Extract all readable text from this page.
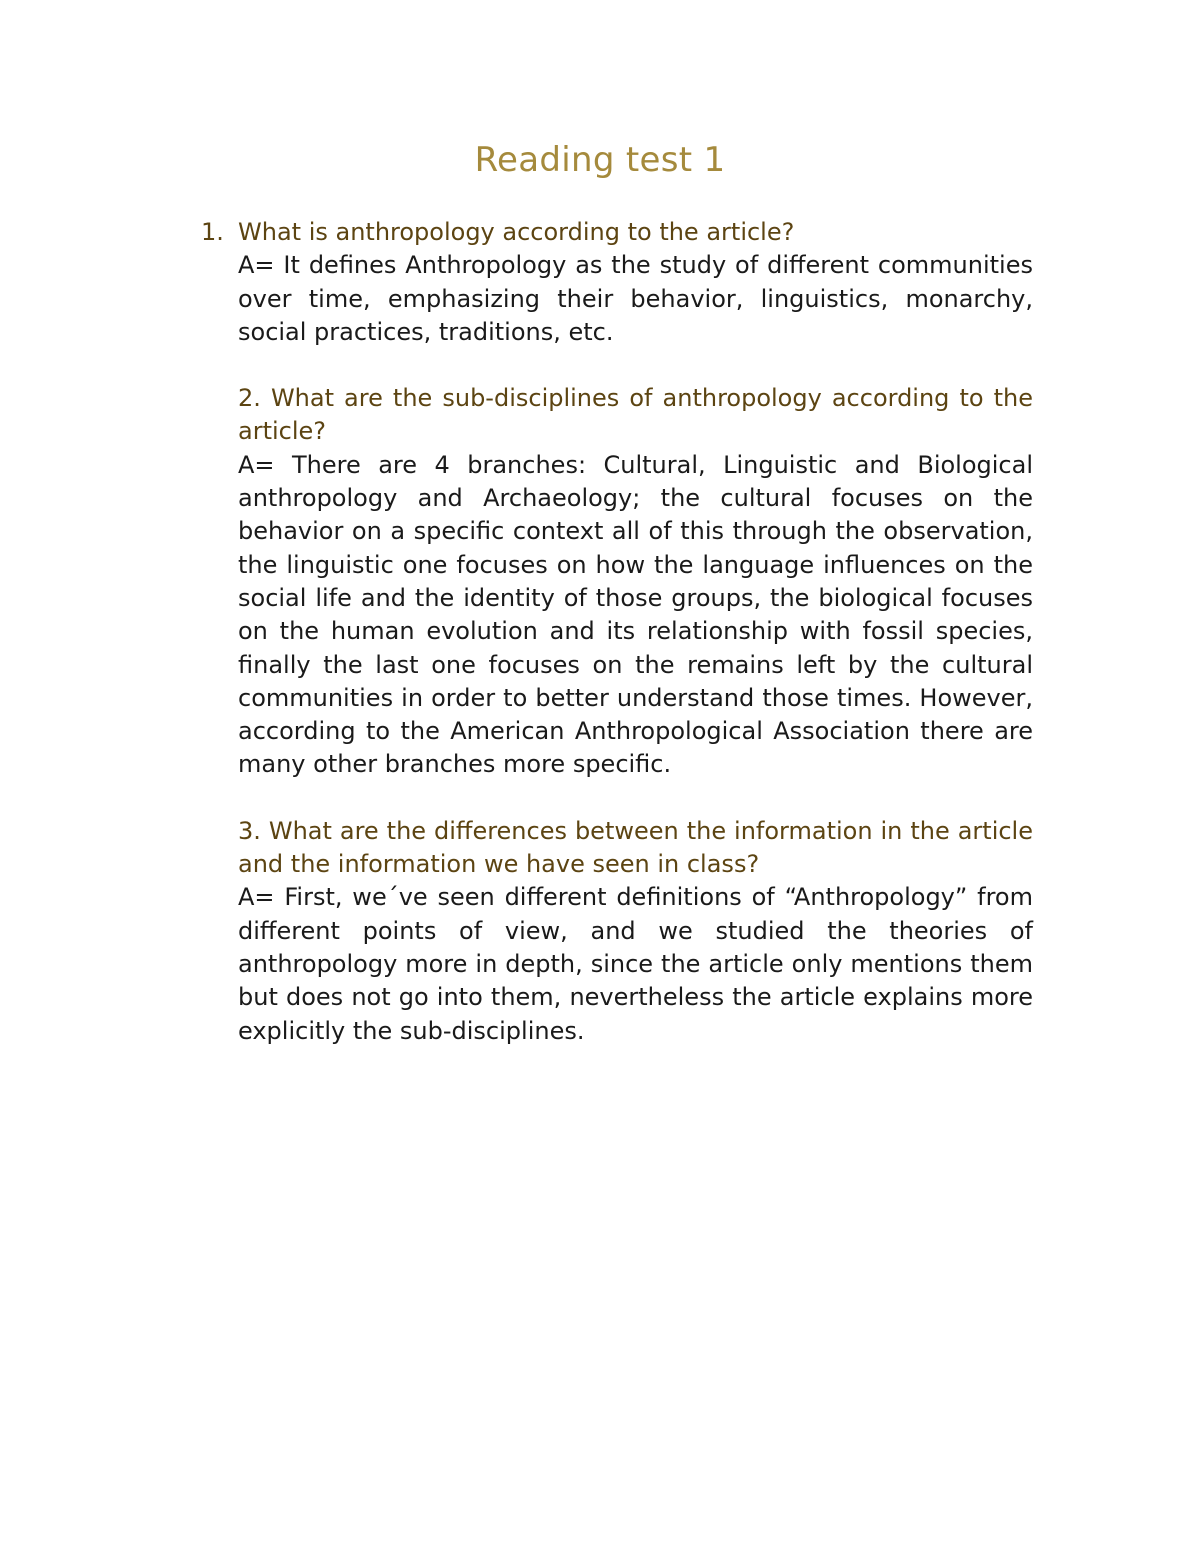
Reading test 1

1. What is anthropology according to the article?

A= It defines Anthropology as the study of different communities over time, emphasizing their behavior, linguistics, monarchy, social practices, traditions, etc.

2. What are the sub-disciplines of anthropology according to the article?

A= There are 4 branches: Cultural, Linguistic and Biological anthropology and Archaeology; the cultural focuses on the behavior on a specific context all of this through the observation, the linguistic one focuses on how the language influences on the social life and the identity of those groups, the biological focuses on the human evolution and its relationship with fossil species, finally the last one focuses on the remains left by the cultural communities in order to better understand those times. However, according to the American Anthropological Association there are many other branches more specific.

3. What are the differences between the information in the article and the information we have seen in class?

A= First, we´ve seen different definitions of “Anthropology” from different points of view, and we studied the theories of anthropology more in depth, since the article only mentions them but does not go into them, nevertheless the article explains more explicitly the sub-disciplines.
